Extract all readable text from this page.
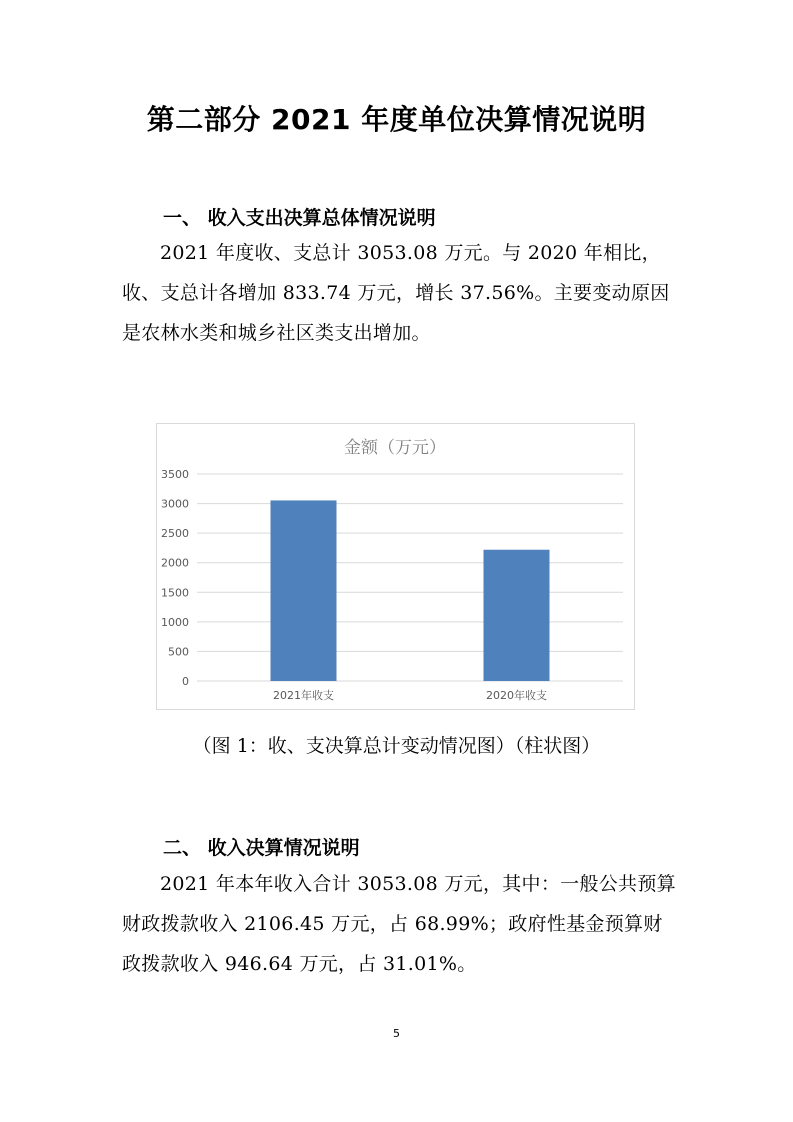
第二部分 2021 年度单位决算情况说明
一、 收入支出决算总体情况说明
2021 年度收、支总计 3053.08 万元。与 2020 年相比，收、支总计各增加 833.74 万元，增长 37.56%。主要变动原因是农林水类和城乡社区类支出增加。
金额（万元）
0
500
1000
1500
2000
2500
3000
3500
2021年收支	2020年收支
（图 1：收、支决算总计变动情况图）（柱状图）
二、 收入决算情况说明
2021 年本年收入合计 3053.08 万元，其中：一般公共预算财政拨款收入 2106.45 万元，占 68.99%；政府性基金预算财政拨款收入 946.64 万元，占 31.01%。
5
